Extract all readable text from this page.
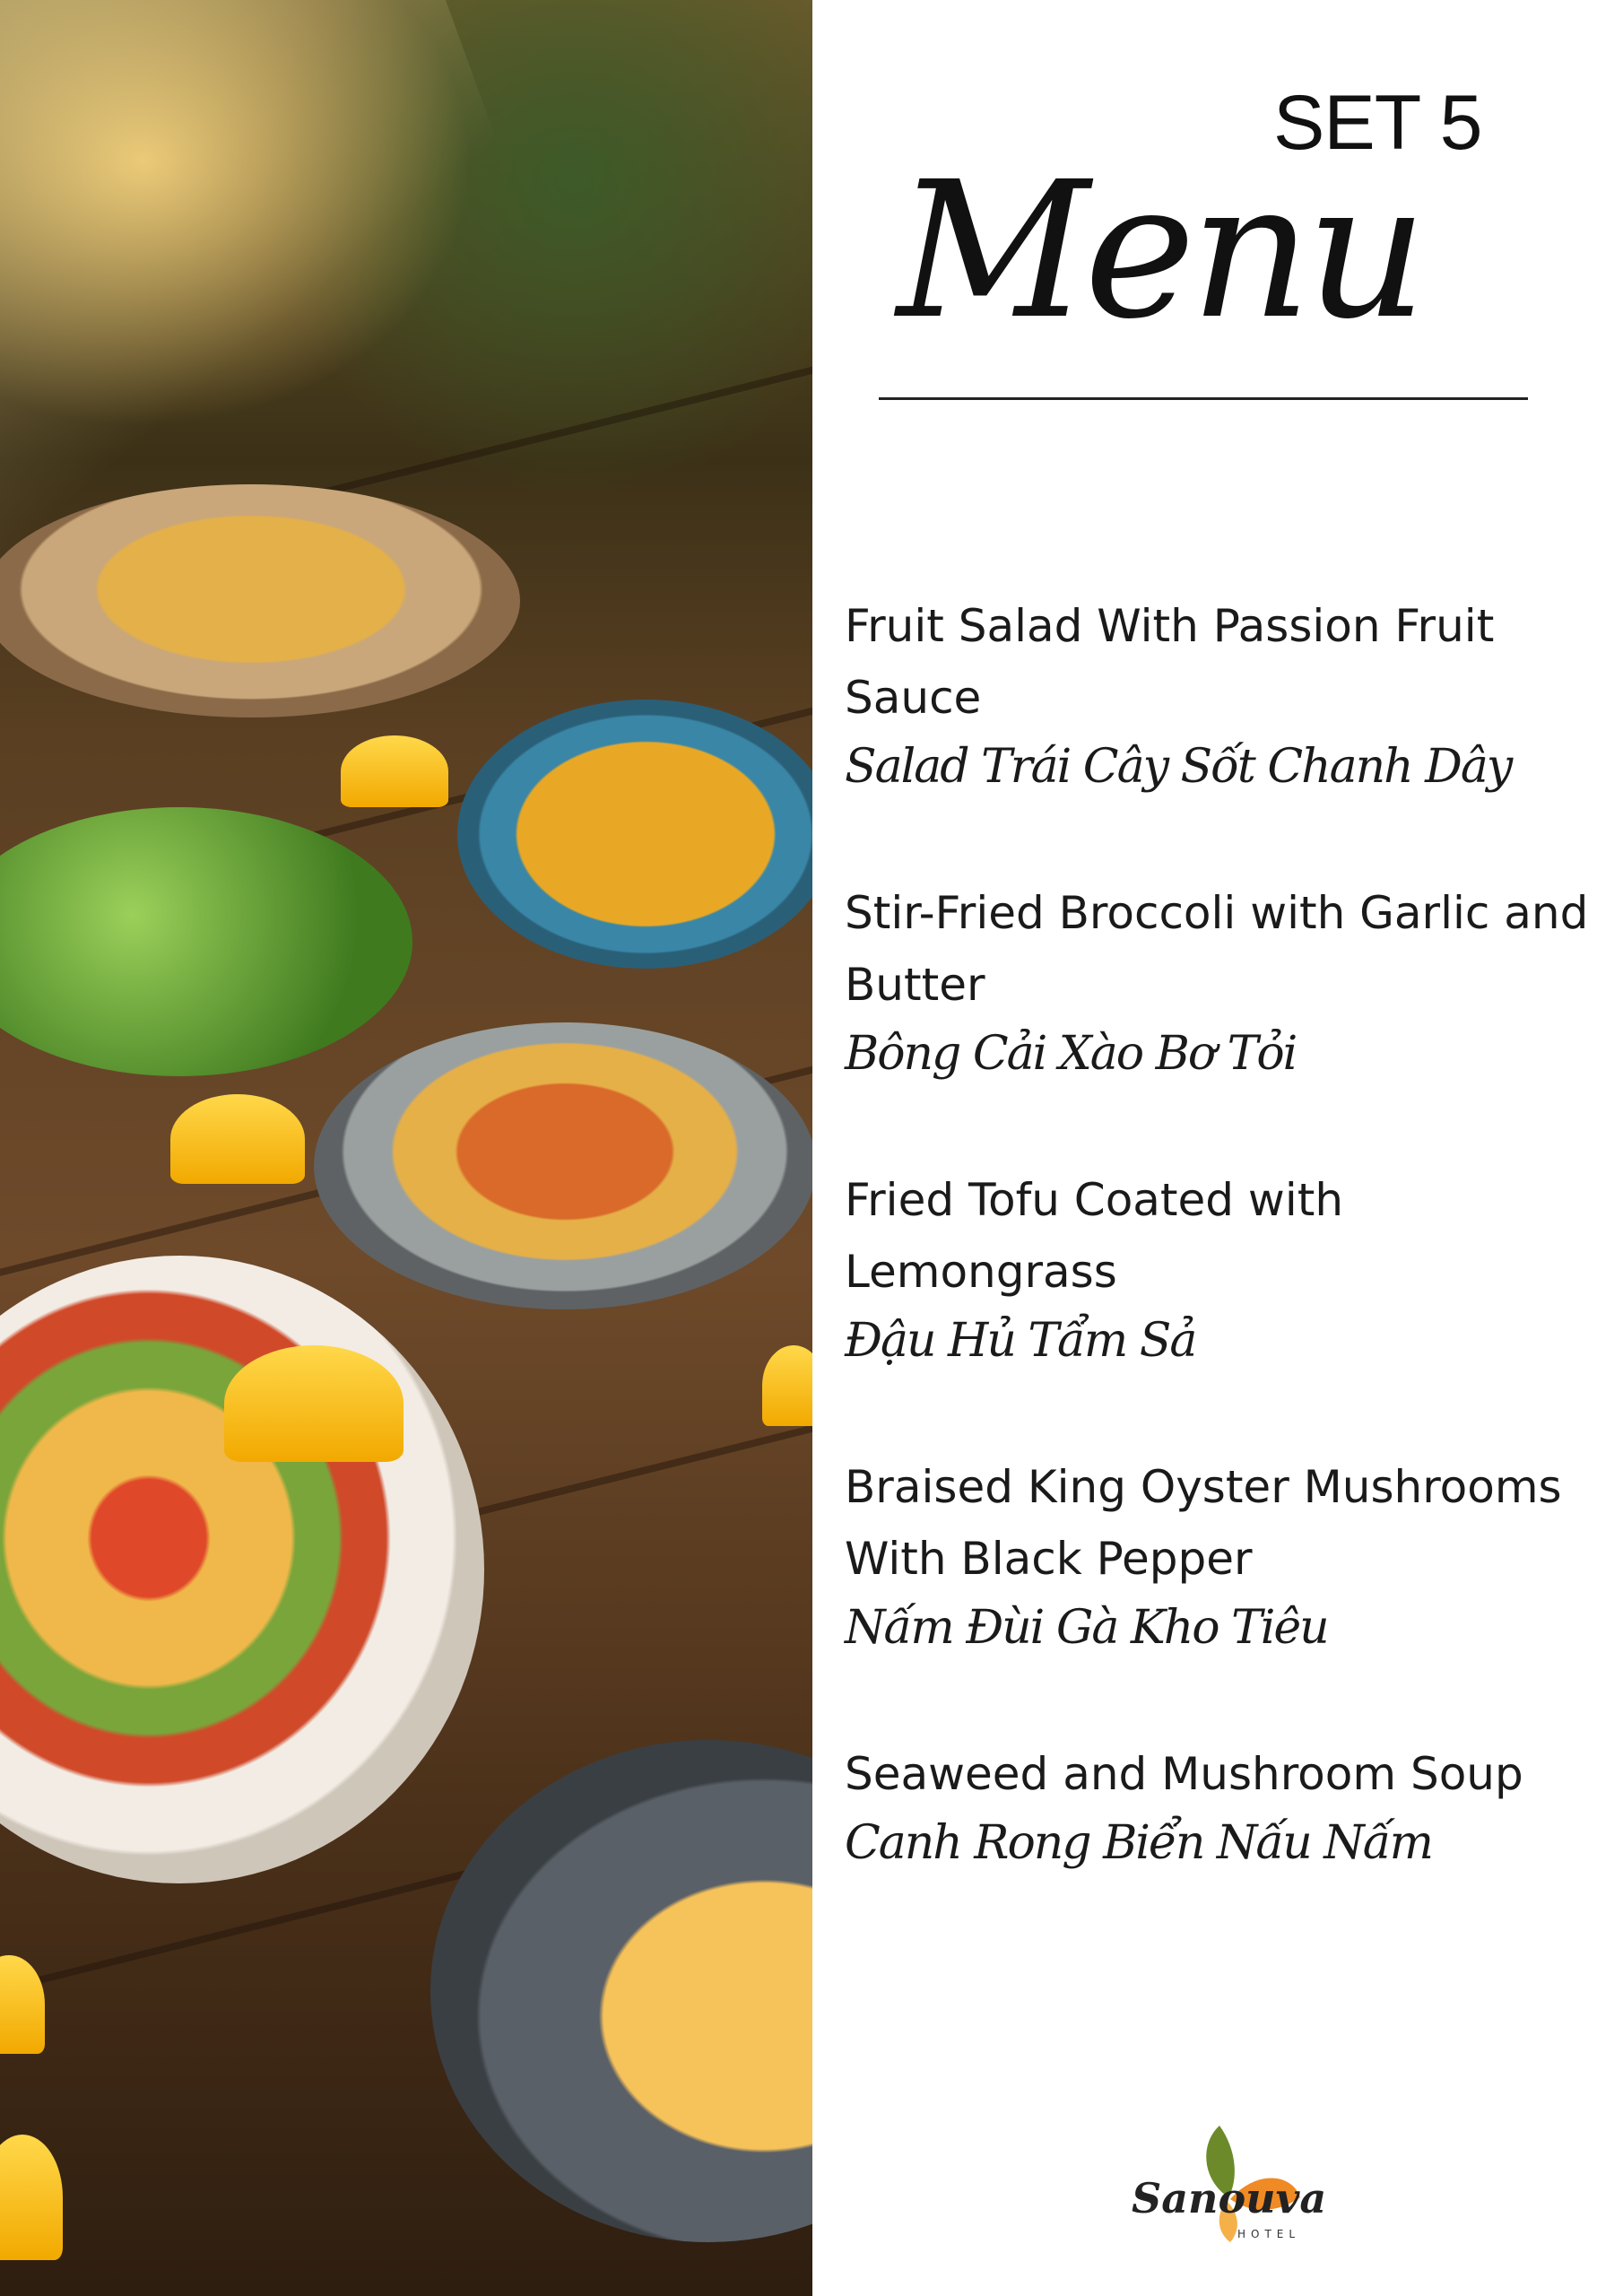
SET 5
Menu
Fruit Salad With Passion Fruit Sauce
Salad Trái Cây Sốt Chanh Dây
Stir-Fried Broccoli with Garlic and Butter
Bông Cải Xào Bơ Tỏi
Fried Tofu Coated with Lemongrass
Đậu Hủ Tẩm Sả
Braised King Oyster Mushrooms With Black Pepper
Nấm Đùi Gà Kho Tiêu
Seaweed and Mushroom Soup
Canh Rong Biển Nấu Nấm
Sanouva
HOTEL
